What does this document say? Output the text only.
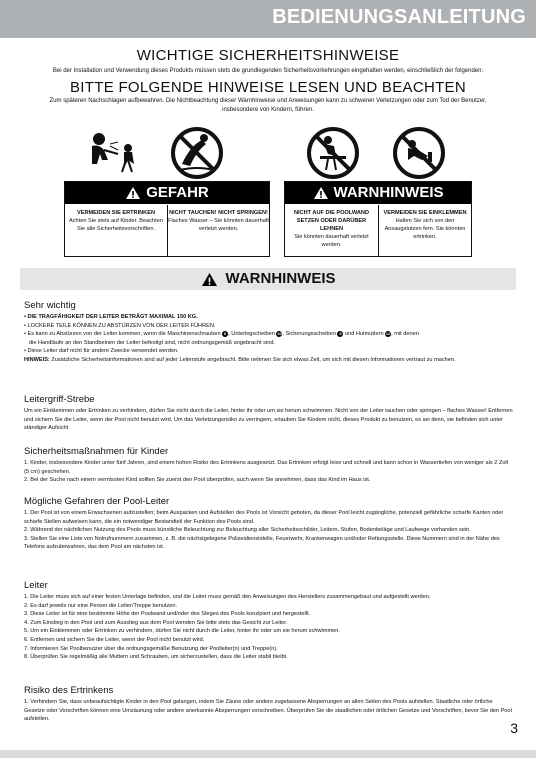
BEDIENUNGSANLEITUNG
WICHTIGE SICHERHEITSHINWEISE
Bei der Installation und Verwendung dieses Produkts müssen stets die grundlegenden Sicherheitsvorkehrungen eingehalten werden, einschließlich der folgenden:
BITTE FOLGENDE HINWEISE LESEN UND BEACHTEN
Zum späteren Nachschlagen aufbewahren. Die Nichtbeachtung dieser Warnhinweise und Anweisungen kann zu schweren Verletzungen oder zum Tod der Benutzer, insbesondere von Kindern, führen.
GEFAHR
VERMEIDEN SIE ERTRINKEN
Achten Sie stets auf Kinder. Beachten Sie alle Sicherheitsvorschriften.
NICHT TAUCHEN! NICHT SPRINGEN!
Flaches Wasser – Sie könnten dauerhaft verletzt werden.
WARNHINWEIS
NICHT AUF DIE POOLWAND SETZEN ODER DARÜBER LEHNEN
Sie könnten dauerhaft verletzt werden.
VERMEIDEN SIE EINKLEMMEN
Halten Sie sich von den Ansaugstutzen fern. Sie könnten ertrinken.
WARNHINWEIS
Sehr wichtig
• DIE TRAGFÄHIGKEIT DER LEITER BETRÄGT MAXIMAL 150 KG.
• LOCKERE TEILE KÖNNEN ZU ABSTÜRZEN VON DER LEITER FÜHREN.
• Es kann zu Abstürzen von der Leiter kommen, wenn die Maschinenschrauben 6 , Unterlegscheiben 10, Sicherungsscheiben 8 und Hutmuttern 12, mit denen
die Handläufe an den Standbeinen der Leiter befestigt sind, nicht ordnungsgemäß angebracht sind.
• Diese Leiter darf nicht für andere Zwecke verwendet werden.
HINWEIS: Zusätzliche Sicherheitsinformationen sind auf jeder Leiterstufe angebracht. Bitte nehmen Sie sich etwas Zeit, um sich mit diesen Informationen vertraut zu machen.
Leitergriff-Strebe
Um ein Einklemmen oder Ertrinken zu verhindern, dürfen Sie nicht durch die Leiter, hinter ihr oder um sie herum schwimmen. Nicht von der Leiter tauchen oder springen – flaches Wasser! Entfernen und sichern Sie die Leiter, wenn der Pool nicht benutzt wird. Um das Verletzungsrisiko zu verringern, erlauben Sie Kindern nicht, dieses Produkt zu benutzen, es sei denn, sie befinden sich unter ständiger Aufsicht
Sicherheitsmaßnahmen für Kinder
1. Kinder, insbesondere Kinder unter fünf Jahren, sind einem hohen Risiko des Ertrinkens ausgesetzt. Das Ertrinken erfolgt leise und schnell und kann schon in Wassertiefen von weniger als 2 Zoll (5 cm) geschehen.
2. Bei der Suche nach einem vermissten Kind sollten Sie zuerst den Pool überprüfen, auch wenn Sie annehmen, dass das Kind im Haus ist.
Mögliche Gefahren der Pool-Leiter
1. Der Pool ist von einem Erwachsenen aufzustellen; beim Auspacken und Aufstellen des Pools ist Vorsicht geboten, da dieser Pool leicht zugängliche, potenziell gefährliche scharfe Kanten oder scharfe Stellen aufweisen kann, die ein notwendiger Bestandteil der Funktion des Pools sind.
2. Während der nächtlichen Nutzung des Pools muss künstliche Beleuchtung zur Beleuchtung aller Sicherheitsschilder, Leitern, Stufen, Bodenbeläge und Laufwege vorhanden sein.
3. Stellen Sie eine Liste von Notrufnummern zusammen, z. B. die nächstgelegene Polizeidienststelle, Feuerwehr, Krankenwagen und/oder Rettungsstelle. Diese Nummern sind in der Nähe des Telefons aufzubewahren, das dem Pool am nächsten ist.
Leiter
1. Die Leiter muss sich auf einer festen Unterlage befinden, und die Leiter muss gemäß den Anweisungen des Herstellers zusammengebaut und aufgestellt werden.
2. Es darf jeweils nur eine Person die Leiter/Treppe benutzen.
3. Diese Leiter ist für eine bestimmte Höhe der Poolwand und/oder des Steges des Pools konzipiert und hergestellt.
4. Zum Einstieg in den Pool und zum Ausstieg aus dem Pool wenden Sie bitte stets das Gesicht zur Leiter.
5. Um ein Einklemmen oder Ertrinken zu verhindern, dürfen Sie nicht durch die Leiter, hinter ihr oder um sie herum schwimmen.
6. Entfernen und sichern Sie die Leiter, wenn der Pool nicht benutzt wird.
7. Informieren Sie Poolbenutzer über die ordnungsgemäße Benutzung der Poolleiter(n) und Treppe(n).
8. Überprüfen Sie regelmäßig alle Muttern und Schrauben, um sicherzustellen, dass die Leiter stabil bleibt.
Risiko des Ertrinkens
1. Verhindern Sie, dass unbeaufsichtigte Kinder in den Pool gelangen, indem Sie Zäune oder andere zugelassene Absperrungen an allen Seiten des Pools aufstellen. Staatliche oder örtliche Gesetze oder Vorschriften können eine Umzäunung oder andere anerkannte Absperrungen vorschreiben. Überprüfen Sie die staatlichen oder örtlichen Gesetze und Vorschriften, bevor Sie den Pool aufstellen.
3
